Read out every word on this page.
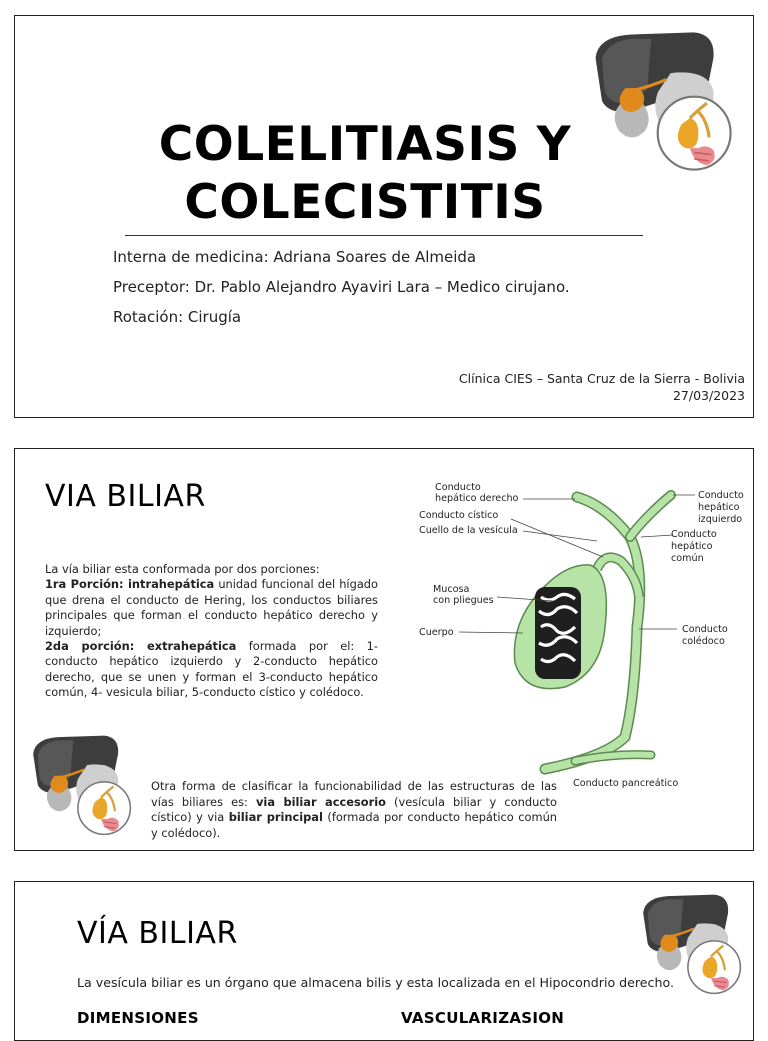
COLELITIASIS Y
COLECISTITIS
Interna de medicina: Adriana Soares de Almeida
Preceptor: Dr. Pablo Alejandro Ayaviri Lara – Medico cirujano.
Rotación: Cirugía
Clínica CIES – Santa Cruz de la Sierra - Bolivia
27/03/2023
VIA BILIAR

La vía biliar esta conformada por dos porciones:

1ra Porción: intrahepática unidad funcional del hígado que drena el conducto de Hering, los conductos biliares principales que forman el conducto hepático derecho y izquierdo;

2da porción: extrahepática formada por el: 1- conducto hepático izquierdo y 2-conducto hepático derecho, que se unen y forman el 3-conducto hepático común, 4- vesicula biliar, 5-conducto cístico y colédoco.

Otra forma de clasificar la funcionabilidad de las estructuras de las vías biliares es: via biliar accesorio (vesícula biliar y conducto cístico) y via biliar principal (formada por conducto hepático común y colédoco).
Conducto
hepático derecho
Conducto cístico
Cuello de la vesícula
Mucosa
con pliegues
Cuerpo
Conducto
hepático
izquierdo
Conducto
hepático
común
Conducto
colédoco
Conducto pancreático
VÍA BILIAR
La vesícula biliar es un órgano que almacena bilis y esta localizada en el Hipocondrio derecho.
DIMENSIONES	VASCULARIZASION
